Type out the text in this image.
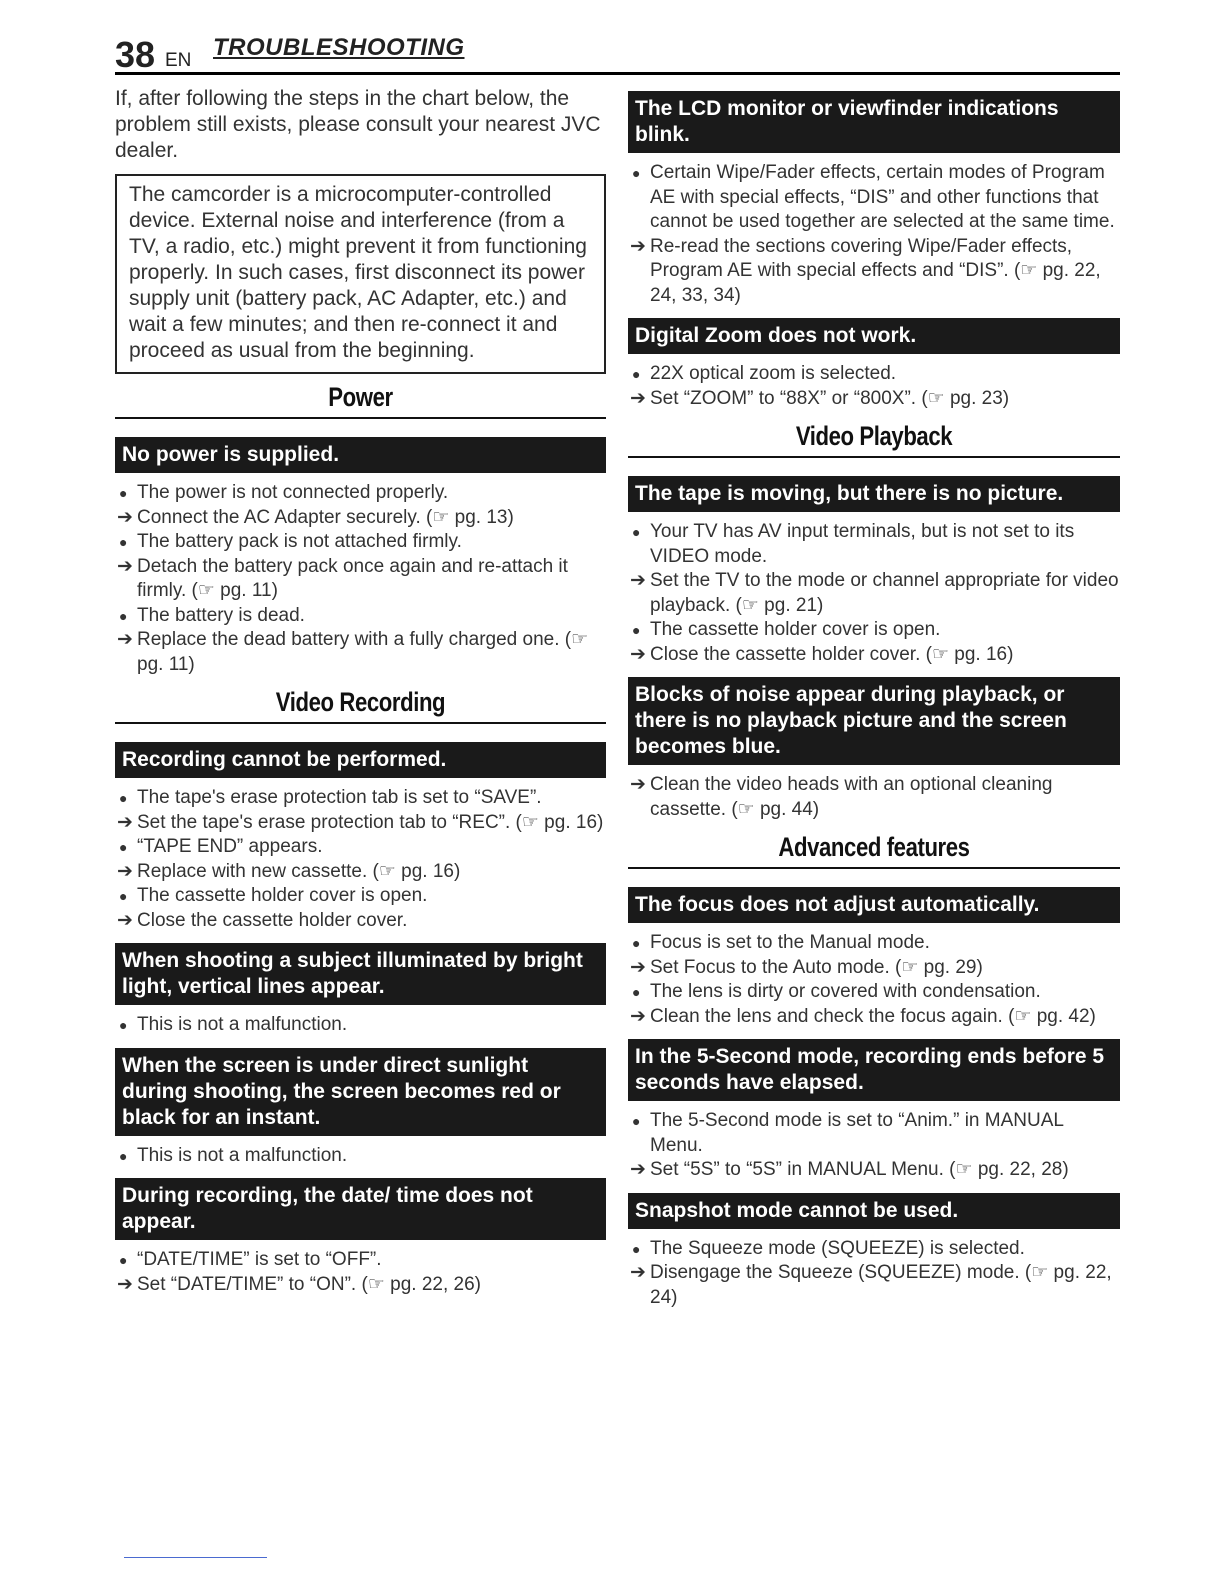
38 EN TROUBLESHOOTING

If, after following the steps in the chart below, the problem still exists, please consult your nearest JVC dealer.

The camcorder is a microcomputer-controlled device. External noise and interference (from a TV, a radio, etc.) might prevent it from functioning properly. In such cases, first disconnect its power supply unit (battery pack, AC Adapter, etc.) and wait a few minutes; and then re-connect it and proceed as usual from the beginning.
Power
No power is supplied.
● The power is not connected properly.
➔ Connect the AC Adapter securely. (☞ pg. 13)
● The battery pack is not attached firmly.
➔ Detach the battery pack once again and re-attach it firmly. (☞ pg. 11)
● The battery is dead.
➔ Replace the dead battery with a fully charged one. (☞ pg. 11)
Video Recording
Recording cannot be performed.
● The tape's erase protection tab is set to “SAVE”.
➔ Set the tape's erase protection tab to “REC”. (☞ pg. 16)
● “TAPE END” appears.
➔ Replace with new cassette. (☞ pg. 16)
● The cassette holder cover is open.
➔ Close the cassette holder cover.
When shooting a subject illuminated by bright light, vertical lines appear.
● This is not a malfunction.
When the screen is under direct sunlight during shooting, the screen becomes red or black for an instant.
● This is not a malfunction.
During recording, the date/ time does not appear.
● “DATE/TIME” is set to “OFF”.
➔ Set “DATE/TIME” to “ON”. (☞ pg. 22, 26)
The LCD monitor or viewfinder indications blink.
● Certain Wipe/Fader effects, certain modes of Program AE with special effects, “DIS” and other functions that cannot be used together are selected at the same time.
➔ Re-read the sections covering Wipe/Fader effects, Program AE with special effects and “DIS”. (☞ pg. 22, 24, 33, 34)
Digital Zoom does not work.
● 22X optical zoom is selected.
➔ Set “ZOOM” to “88X” or “800X”. (☞ pg. 23)
Video Playback
The tape is moving, but there is no picture.
● Your TV has AV input terminals, but is not set to its VIDEO mode.
➔ Set the TV to the mode or channel appropriate for video playback. (☞ pg. 21)
● The cassette holder cover is open.
➔ Close the cassette holder cover. (☞ pg. 16)
Blocks of noise appear during playback, or there is no playback picture and the screen becomes blue.
➔ Clean the video heads with an optional cleaning cassette. (☞ pg. 44)
Advanced features
The focus does not adjust automatically.
● Focus is set to the Manual mode.
➔ Set Focus to the Auto mode. (☞ pg. 29)
● The lens is dirty or covered with condensation.
➔ Clean the lens and check the focus again. (☞ pg. 42)
In the 5-Second mode, recording ends before 5 seconds have elapsed.
● The 5-Second mode is set to “Anim.” in MANUAL Menu.
➔ Set “5S” to “5S” in MANUAL Menu. (☞ pg. 22, 28)
Snapshot mode cannot be used.
● The Squeeze mode (SQUEEZE) is selected.
➔ Disengage the Squeeze (SQUEEZE) mode. (☞ pg. 22, 24)
